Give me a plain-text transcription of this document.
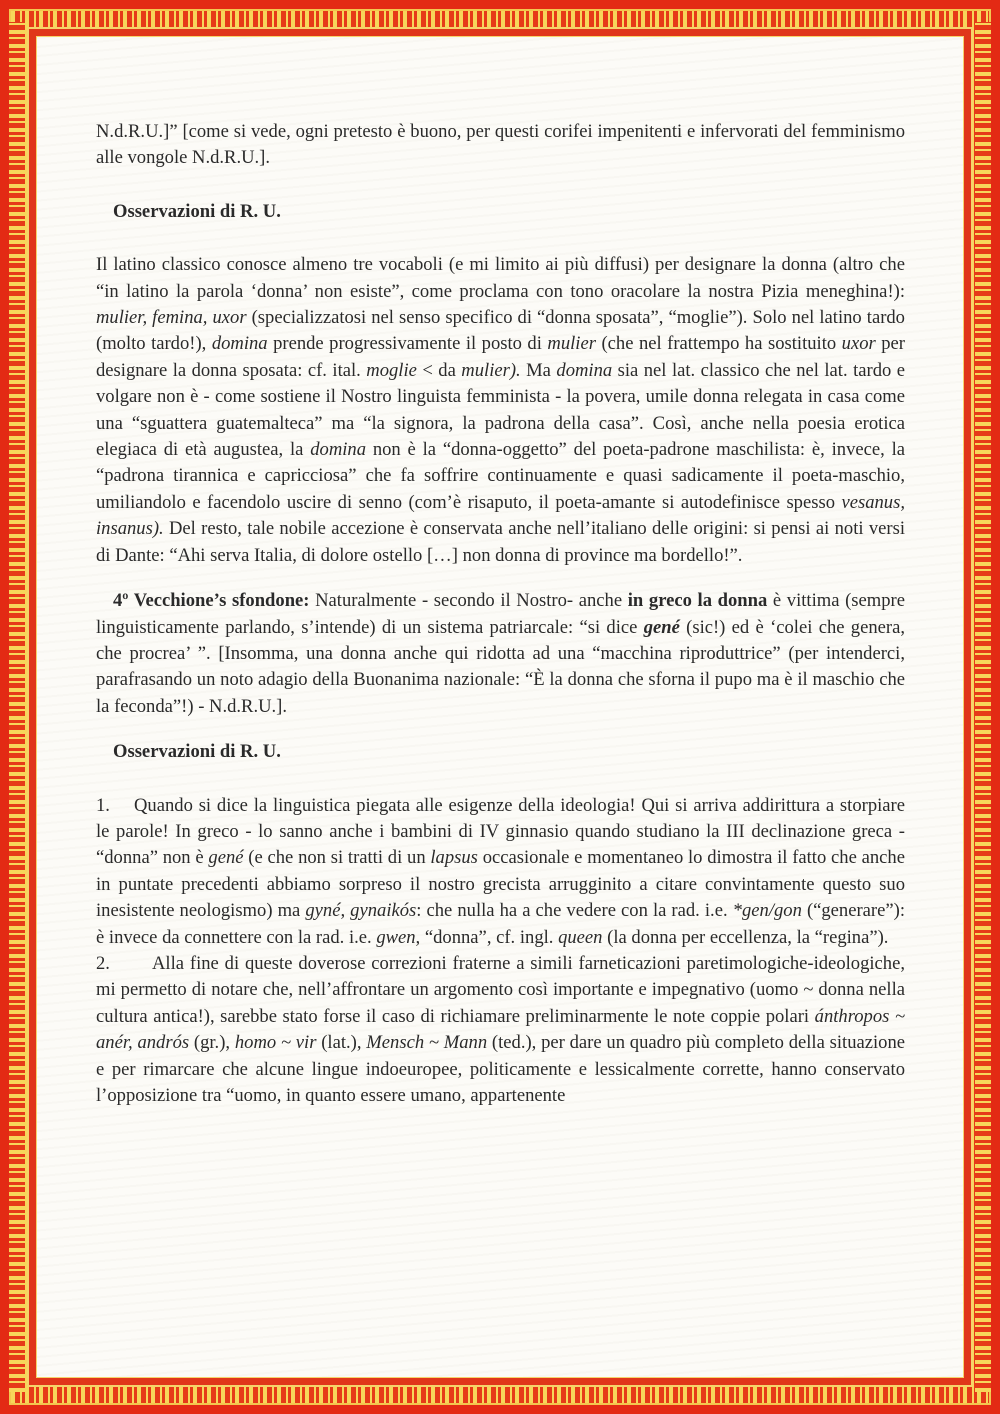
N.d.R.U.]” [come si vede, ogni pretesto è buono, per questi corifei impenitenti e infervorati del femminismo alle vongole N.d.R.U.].

Osservazioni di R. U.

Il latino classico conosce almeno tre vocaboli (e mi limito ai più diffusi) per designare la donna (altro che “in latino la parola ‘donna’ non esiste”, come proclama con tono oracolare la nostra Pizia meneghina!): mulier, femina, uxor (specializzatosi nel senso specifico di “donna sposata”, “moglie”). Solo nel latino tardo (molto tardo!), domina prende progressivamente il posto di mulier (che nel frattempo ha sostituito uxor per designare la donna sposata: cf. ital. moglie < da mulier). Ma domina sia nel lat. classico che nel lat. tardo e volgare non è - come sostiene il Nostro linguista femminista - la povera, umile donna relegata in casa come una “sguattera guatemalteca” ma “la signora, la padrona della casa”. Così, anche nella poesia erotica elegiaca di età augustea, la domina non è la “donna-oggetto” del poeta-padrone maschilista: è, invece, la “padrona tirannica e capricciosa” che fa soffrire continuamente e quasi sadicamente il poeta-maschio, umiliandolo e facendolo uscire di senno (com’è risaputo, il poeta-amante si autodefinisce spesso vesanus, insanus). Del resto, tale nobile accezione è conservata anche nell’italiano delle origini: si pensi ai noti versi di Dante: “Ahi serva Italia, di dolore ostello […] non donna di province ma bordello!”.

4º Vecchione’s sfondone: Naturalmente - secondo il Nostro- anche in greco la donna è vittima (sempre linguisticamente parlando, s’intende) di un sistema patriarcale: “si dice gené (sic!) ed è ‘colei che genera, che procrea’ ”. [Insomma, una donna anche qui ridotta ad una “macchina riproduttrice” (per intenderci, parafrasando un noto adagio della Buonanima nazionale: “È la donna che sforna il pupo ma è il maschio che la feconda”!) - N.d.R.U.].

Osservazioni di R. U.

1. Quando si dice la linguistica piegata alle esigenze della ideologia! Qui si arriva addirittura a storpiare le parole! In greco - lo sanno anche i bambini di IV ginnasio quando studiano la III declinazione greca - “donna” non è gené (e che non si tratti di un lapsus occasionale e momentaneo lo dimostra il fatto che anche in puntate precedenti abbiamo sorpreso il nostro grecista arrugginito a citare convintamente questo suo inesistente neologismo) ma gyné, gynaikós: che nulla ha a che vedere con la rad. i.e. *gen/gon (“generare”): è invece da connettere con la rad. i.e. gwen, “donna”, cf. ingl. queen (la donna per eccellenza, la “regina”).

2. Alla fine di queste doverose correzioni fraterne a simili farneticazioni paretimologiche-ideologiche, mi permetto di notare che, nell’affrontare un argomento così importante e impegnativo (uomo ~ donna nella cultura antica!), sarebbe stato forse il caso di richiamare preliminarmente le note coppie polari ánthropos ~ anér, andrós (gr.), homo ~ vir (lat.), Mensch ~ Mann (ted.), per dare un quadro più completo della situazione e per rimarcare che alcune lingue indoeuropee, politicamente e lessicalmente corrette, hanno conservato l’opposizione tra “uomo, in quanto essere umano, appartenente
